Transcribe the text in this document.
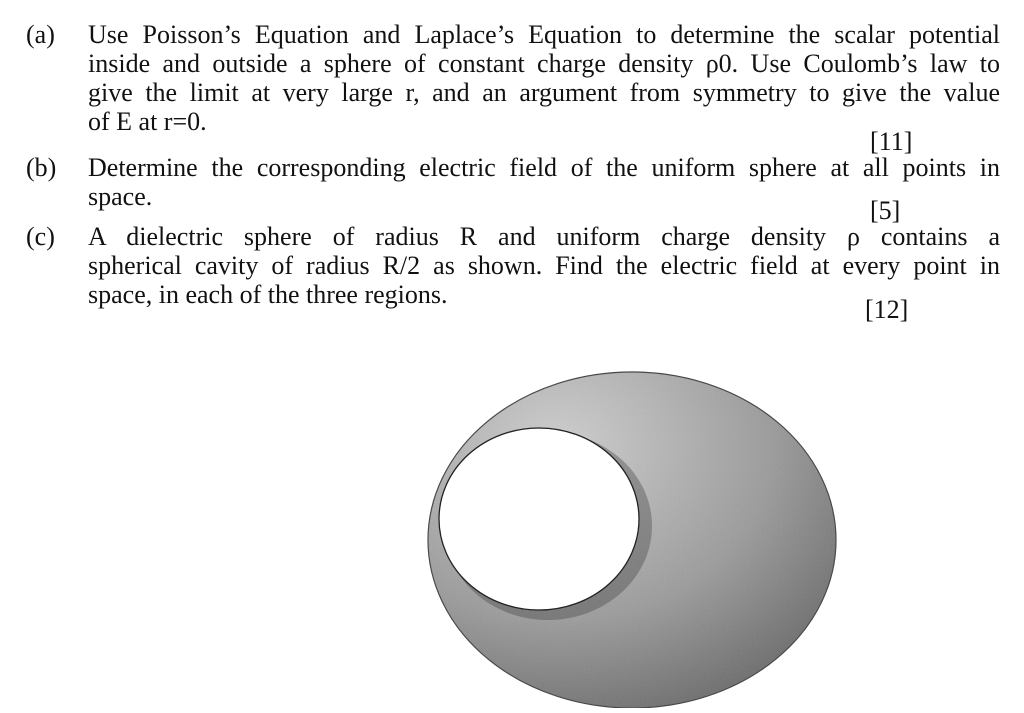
(a) Use Poisson’s Equation and Laplace’s Equation to determine the scalar potential
inside and outside a sphere of constant charge density ρ0. Use Coulomb’s law to
give the limit at very large r, and an argument from symmetry to give the value
of E at r=0.
[11]
(b) Determine the corresponding electric field of the uniform sphere at all points in
space.	[5]
(c) A dielectric sphere of radius R and uniform charge density ρ contains a
spherical cavity of radius R/2 as shown. Find the electric field at every point in
space, in each of the three regions.
[12]
